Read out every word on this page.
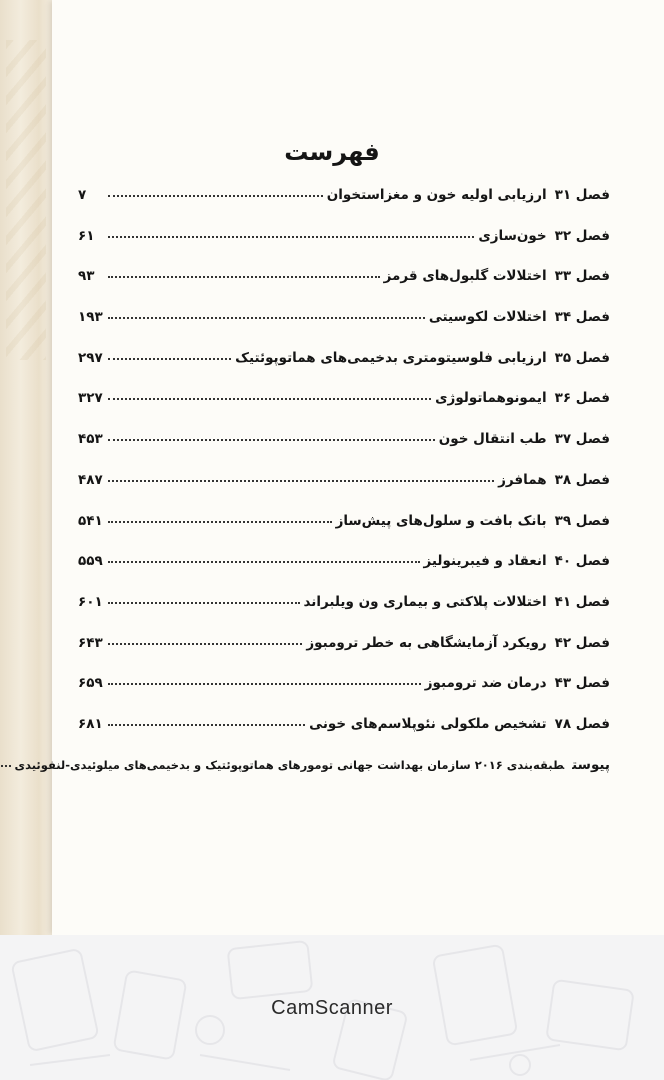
فهرست
فصل ۳۱ارزیابی اولیه خون و مغزاستخوان
۷
فصل ۳۲خون‌سازی
۶۱
فصل ۳۳اختلالات گلبول‌های قرمز
۹۳
فصل ۳۴اختلالات لکوسیتی
۱۹۳
فصل ۳۵ارزیابی فلوسیتومتری بدخیمی‌های هماتوپوئتیک
۲۹۷
فصل ۳۶ایمونوهماتولوژی
۳۲۷
فصل ۳۷طب انتقال خون
۴۵۳
فصل ۳۸همافرز
۴۸۷
فصل ۳۹بانک بافت و سلول‌های پیش‌ساز
۵۴۱
فصل ۴۰انعقاد و فیبرینولیز
۵۵۹
فصل ۴۱اختلالات پلاکتی و بیماری ون ویلبراند
۶۰۱
فصل ۴۲رویکرد آزمایشگاهی به خطر ترومبوز
۶۴۳
فصل ۴۳درمان ضد ترومبوز
۶۵۹
فصل ۷۸تشخیص ملکولی نئوپلاسم‌های خونی
۶۸۱
پیوستطبقه‌بندی ۲۰۱۶ سازمان بهداشت جهانی تومورهای هماتوپوئتیک و بدخیمی‌های میلوئیدی-لنفوئیدی
CamScanner
